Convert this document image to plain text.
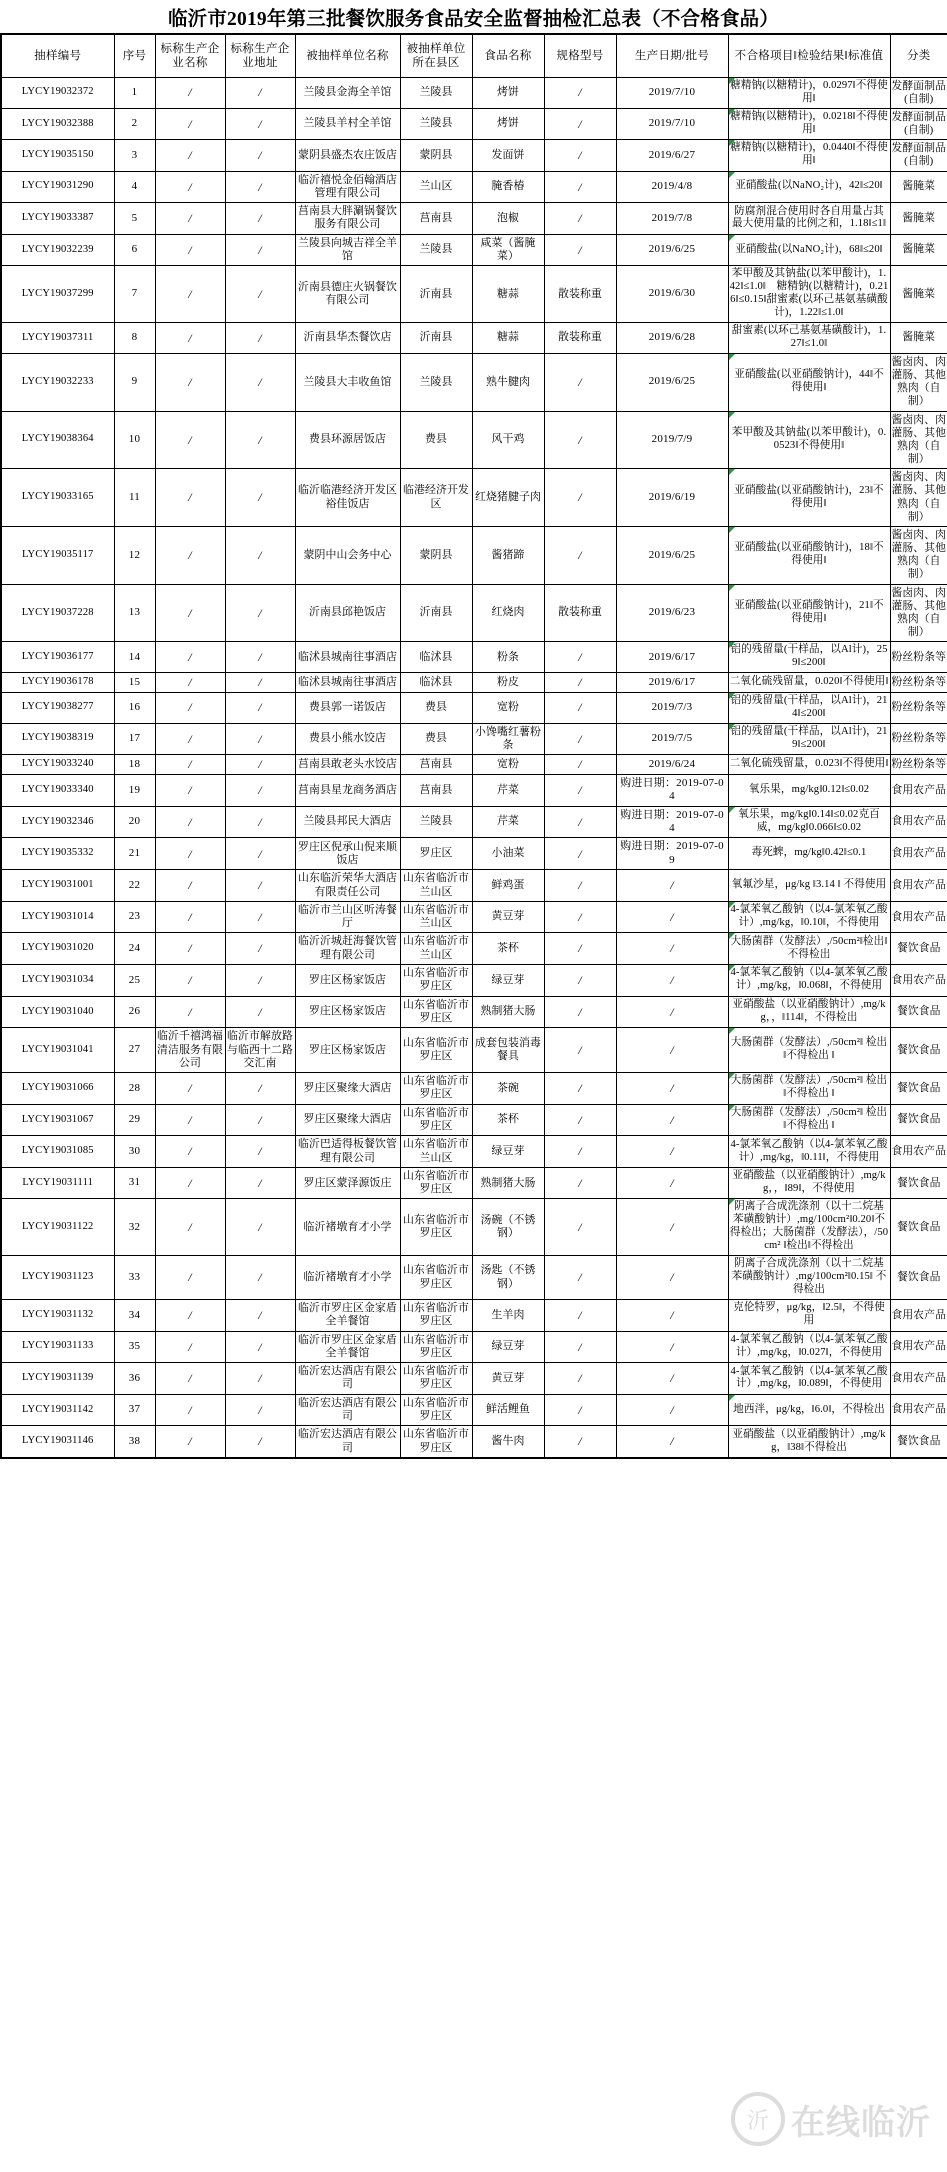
临沂市2019年第三批餐饮服务食品安全监督抽检汇总表（不合格食品）
抽样编号	序号	标称生产企业名称	标称生产企业地址	被抽样单位名称	被抽样单位所在县区	食品名称	规格型号	生产日期/批号	不合格项目‖检验结果‖标准值	分类
LYCY19032372	1	/	/	兰陵县金海全羊馆	兰陵县	烤饼	/	2019/7/10	糖精钠(以糖精计)，0.0297‖不得使用‖	发酵面制品(自制)
LYCY19032388	2	/	/	兰陵县羊村全羊馆	兰陵县	烤饼	/	2019/7/10	糖精钠(以糖精计)，0.0218‖不得使用‖	发酵面制品(自制)
LYCY19035150	3	/	/	蒙阴县盛杰农庄饭店	蒙阴县	发面饼	/	2019/6/27	糖精钠(以糖精计)，0.0440‖不得使用‖	发酵面制品(自制)
LYCY19031290	4	/	/	临沂禧悦金佰翰酒店管理有限公司	兰山区	腌香椿	/	2019/4/8	亚硝酸盐(以NaNO₂计)，42‖≤20‖	酱腌菜
LYCY19033387	5	/	/	莒南县大胖涮锅餐饮服务有限公司	莒南县	泡椒	/	2019/7/8	防腐剂混合使用时各自用量占其最大使用量的比例之和，1.18‖≤1‖	酱腌菜
LYCY19032239	6	/	/	兰陵县向城吉祥全羊馆	兰陵县	咸菜（酱腌菜）	/	2019/6/25	亚硝酸盐(以NaNO₂计)，68‖≤20‖	酱腌菜
LYCY19037299	7	/	/	沂南县德庄火锅餐饮有限公司	沂南县	糖蒜	散装称重	2019/6/30	苯甲酸及其钠盐(以苯甲酸计)，1.42‖≤1.0‖　糖精钠(以糖精计)，0.216‖≤0.15‖甜蜜素(以环己基氨基磺酸计)，1.22‖≤1.0‖	酱腌菜
LYCY19037311	8	/	/	沂南县华杰餐饮店	沂南县	糖蒜	散装称重	2019/6/28	甜蜜素(以环己基氨基磺酸计)，1.27‖≤1.0‖	酱腌菜
LYCY19032233	9	/	/	兰陵县大丰收鱼馆	兰陵县	熟牛腱肉	/	2019/6/25	亚硝酸盐(以亚硝酸钠计)，44‖不得使用‖	酱卤肉、肉灌肠、其他熟肉（自制）
LYCY19038364	10	/	/	费县环源居饭店	费县	风干鸡	/	2019/7/9	苯甲酸及其钠盐(以苯甲酸计)，0.0523‖不得使用‖	酱卤肉、肉灌肠、其他熟肉（自制）
LYCY19033165	11	/	/	临沂临港经济开发区裕佳饭店	临港经济开发区	红烧猪腱子肉	/	2019/6/19	亚硝酸盐(以亚硝酸钠计)，23‖不得使用‖	酱卤肉、肉灌肠、其他熟肉（自制）
LYCY19035117	12	/	/	蒙阴中山会务中心	蒙阴县	酱猪蹄	/	2019/6/25	亚硝酸盐(以亚硝酸钠计)，18‖不得使用‖	酱卤肉、肉灌肠、其他熟肉（自制）
LYCY19037228	13	/	/	沂南县邱艳饭店	沂南县	红烧肉	散装称重	2019/6/23	亚硝酸盐(以亚硝酸钠计)，21‖不得使用‖	酱卤肉、肉灌肠、其他熟肉（自制）
LYCY19036177	14	/	/	临沭县城南往事酒店	临沭县	粉条	/	2019/6/17	铝的残留量(干样品，以Al计)，259‖≤200‖	粉丝粉条等
LYCY19036178	15	/	/	临沭县城南往事酒店	临沭县	粉皮	/	2019/6/17	二氧化硫残留量，0.020‖不得使用‖	粉丝粉条等
LYCY19038277	16	/	/	费县郭一诺饭店	费县	宽粉	/	2019/7/3	铝的残留量(干样品，以Al计)，214‖≤200‖	粉丝粉条等
LYCY19038319	17	/	/	费县小熊水饺店	费县	小馋嘴红薯粉条	/	2019/7/5	铝的残留量(干样品，以Al计)，219‖≤200‖	粉丝粉条等
LYCY19033240	18	/	/	莒南县敢老头水饺店	莒南县	宽粉	/	2019/6/24	二氧化硫残留量，0.023‖不得使用‖	粉丝粉条等
LYCY19033340	19	/	/	莒南县星龙商务酒店	莒南县	芹菜	/	购进日期：2019-07-04	氧乐果，mg/kg‖0.12‖≤0.02	食用农产品
LYCY19032346	20	/	/	兰陵县邦民大酒店	兰陵县	芹菜	/	购进日期：2019-07-04	氧乐果，mg/kg‖0.14‖≤0.02克百威，mg/kg‖0.066‖≤0.02	食用农产品
LYCY19035332	21	/	/	罗庄区倪承山倪来顺饭店	罗庄区	小油菜	/	购进日期：2019-07-09	毒死蜱，mg/kg‖0.42‖≤0.1	食用农产品
LYCY19031001	22	/	/	山东临沂荣华大酒店有限责任公司	山东省临沂市兰山区	鲜鸡蛋	/	/	氧氟沙星，μg/kg ‖3.14 ‖ 不得使用	食用农产品
LYCY19031014	23	/	/	临沂市兰山区听涛餐厅	山东省临沂市兰山区	黄豆芽	/	/	4-氯苯氧乙酸钠（以4-氯苯氧乙酸计）,mg/kg，‖0.10‖，不得使用	食用农产品
LYCY19031020	24	/	/	临沂沂城赶海餐饮管理有限公司	山东省临沂市兰山区	茶杯	/	/	大肠菌群（发酵法）,/50cm²‖检出‖不得检出	餐饮食品
LYCY19031034	25	/	/	罗庄区杨家饭店	山东省临沂市罗庄区	绿豆芽	/	/	4-氯苯氧乙酸钠（以4-氯苯氧乙酸计）,mg/kg，‖0.068‖，不得使用	食用农产品
LYCY19031040	26	/	/	罗庄区杨家饭店	山东省临沂市罗庄区	熟制猪大肠	/	/	亚硝酸盐（以亚硝酸钠计）,mg/kg，，‖114‖，不得检出	餐饮食品
LYCY19031041	27	临沂千禧鸿福清洁服务有限公司	临沂市解放路与临西十二路交汇南	罗庄区杨家饭店	山东省临沂市罗庄区	成套包装消毒餐具	/	/	大肠菌群（发酵法）,/50cm²‖ 检出‖不得检出 ‖	餐饮食品
LYCY19031066	28	/	/	罗庄区聚缘大酒店	山东省临沂市罗庄区	茶碗	/	/	大肠菌群（发酵法）,/50cm²‖ 检出‖不得检出 ‖	餐饮食品
LYCY19031067	29	/	/	罗庄区聚缘大酒店	山东省临沂市罗庄区	茶杯	/	/	大肠菌群（发酵法）,/50cm²‖ 检出‖不得检出 ‖	餐饮食品
LYCY19031085	30	/	/	临沂巴适得板餐饮管理有限公司	山东省临沂市兰山区	绿豆芽	/	/	4-氯苯氧乙酸钠（以4-氯苯氧乙酸计）,mg/kg，‖0.11‖，不得使用	食用农产品
LYCY19031111	31	/	/	罗庄区蒙泽源饭庄	山东省临沂市罗庄区	熟制猪大肠	/	/	亚硝酸盐（以亚硝酸钠计）,mg/kg，，‖89‖，不得使用	餐饮食品
LYCY19031122	32	/	/	临沂褚墩育才小学	山东省临沂市罗庄区	汤碗（不锈钢）	/	/	阴离子合成洗涤剂（以十二烷基苯磺酸钠计）,mg/100cm²‖0.20‖不得检出；大肠菌群（发酵法），/50cm² ‖检出‖不得检出	餐饮食品
LYCY19031123	33	/	/	临沂褚墩育才小学	山东省临沂市罗庄区	汤匙（不锈钢）	/	/	阴离子合成洗涤剂（以十二烷基苯磺酸钠计）,mg/100cm²‖0.15‖ 不得检出	餐饮食品
LYCY19031132	34	/	/	临沂市罗庄区金家盾全羊餐馆	山东省临沂市罗庄区	生羊肉	/	/	克伦特罗，μg/kg，‖2.5‖，不得使用	食用农产品
LYCY19031133	35	/	/	临沂市罗庄区金家盾全羊餐馆	山东省临沂市罗庄区	绿豆芽	/	/	4-氯苯氧乙酸钠（以4-氯苯氧乙酸计）,mg/kg，‖0.027‖，不得使用	食用农产品
LYCY19031139	36	/	/	临沂宏达酒店有限公司	山东省临沂市罗庄区	黄豆芽	/	/	4-氯苯氧乙酸钠（以4-氯苯氧乙酸计）,mg/kg，‖0.089‖，不得使用	食用农产品
LYCY19031142	37	/	/	临沂宏达酒店有限公司	山东省临沂市罗庄区	鲜活鲤鱼	/	/	地西泮，μg/kg，‖6.0‖，不得检出	食用农产品
LYCY19031146	38	/	/	临沂宏达酒店有限公司	山东省临沂市罗庄区	酱牛肉	/	/	亚硝酸盐（以亚硝酸钠计）,mg/kg，‖38‖不得检出	餐饮食品
沂 在线临沂
